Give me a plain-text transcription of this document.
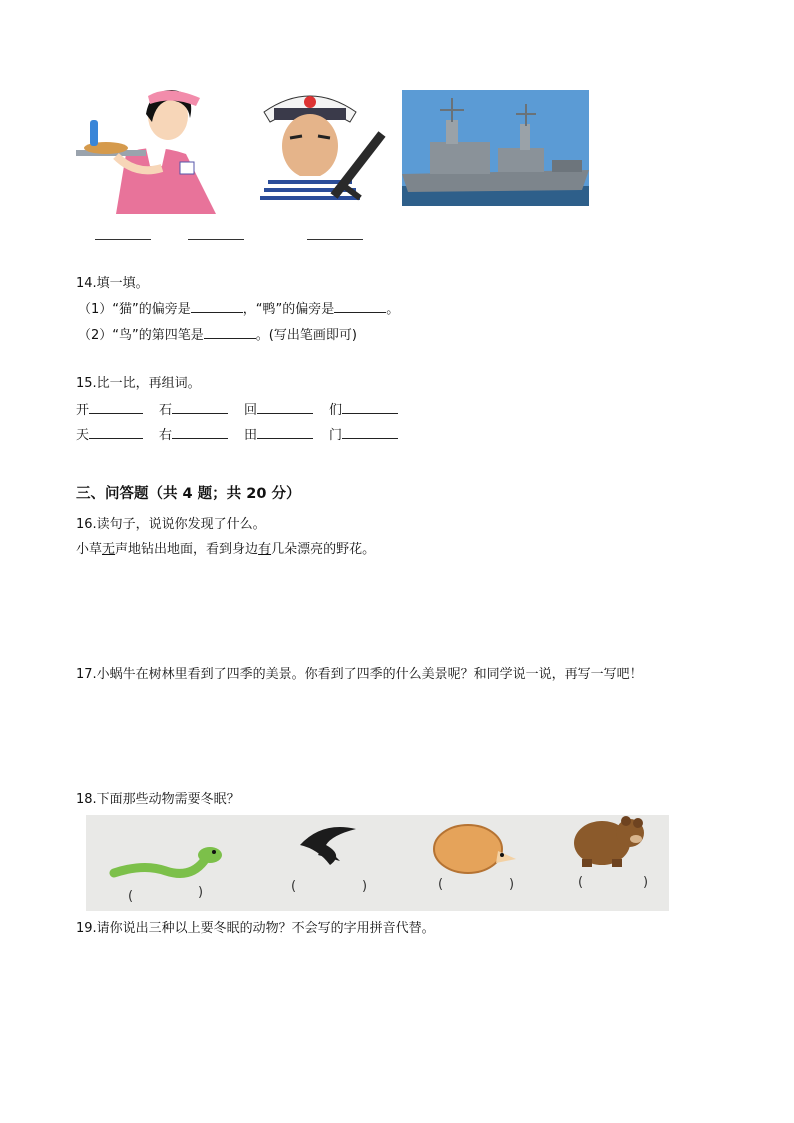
14.填一填。
（1）“猫”的偏旁是	，“鸭”的偏旁是	。
（2）“鸟”的第四笔是	。(写出笔画即可)
15.比一比，再组词。
开	石	回	们
天	右	田	门
三、问答题（共 4 题；共 20 分）
16.读句子，说说你发现了什么。
小草无声地钻出地面，看到身边有几朵漂亮的野花。
17.小蜗牛在树林里看到了四季的美景。你看到了四季的什么美景呢？和同学说一说，再写一写吧！
18.下面那些动物需要冬眠？
(	)	(	)	(	)	(	)
19.请你说出三种以上要冬眠的动物？不会写的字用拼音代替。
